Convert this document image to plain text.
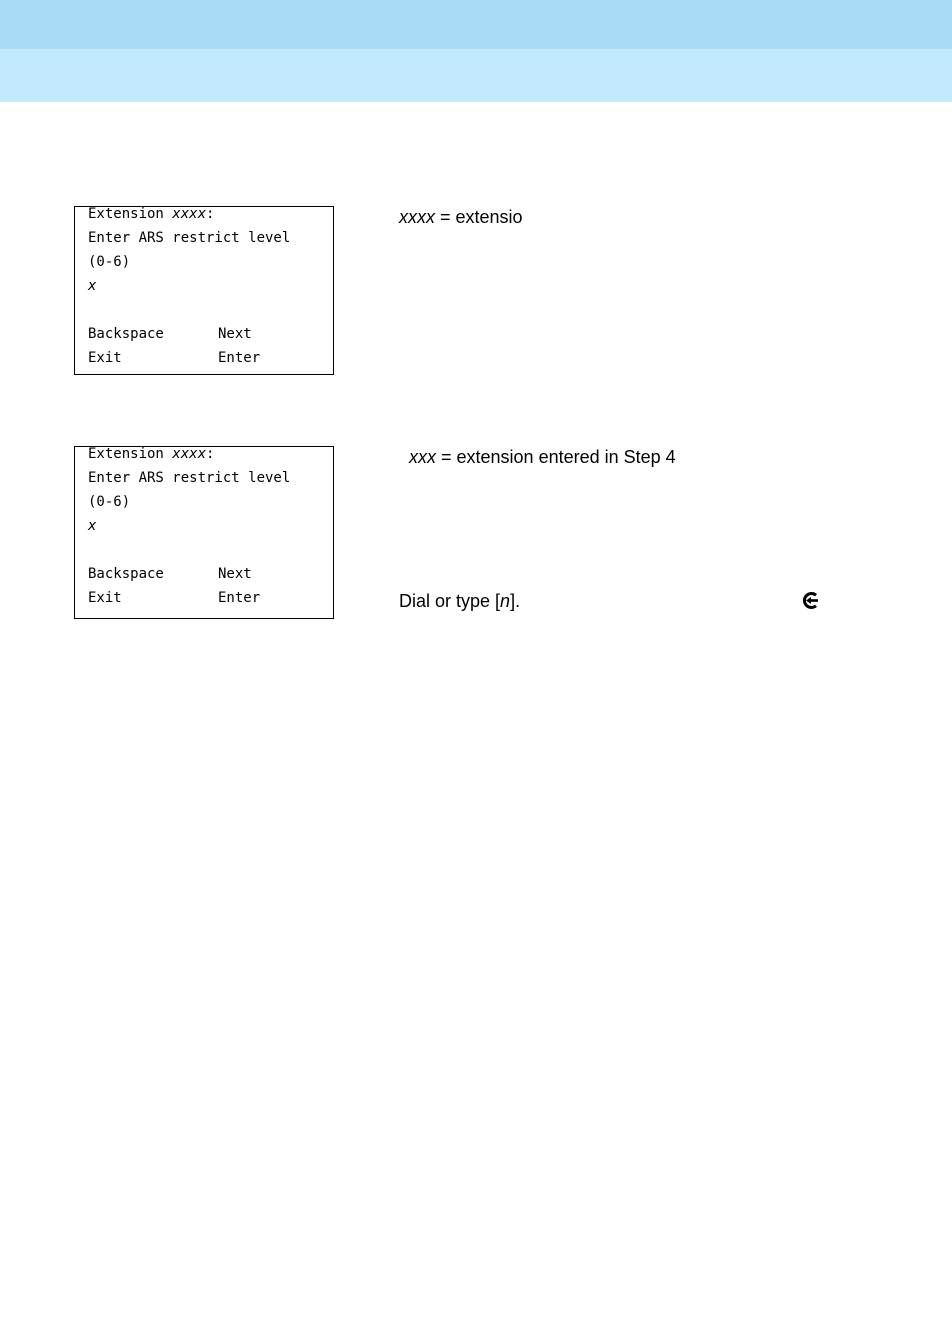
Extension xxxx:
Enter ARS restrict level
(0-6)
x
Backspace	Next
Exit	Enter
Extension xxxx:
Enter ARS restrict level
(0-6)
x
Backspace	Next
Exit	Enter
xxxx = extensio
xxx = extension entered in Step 4
Dial or type [n].
